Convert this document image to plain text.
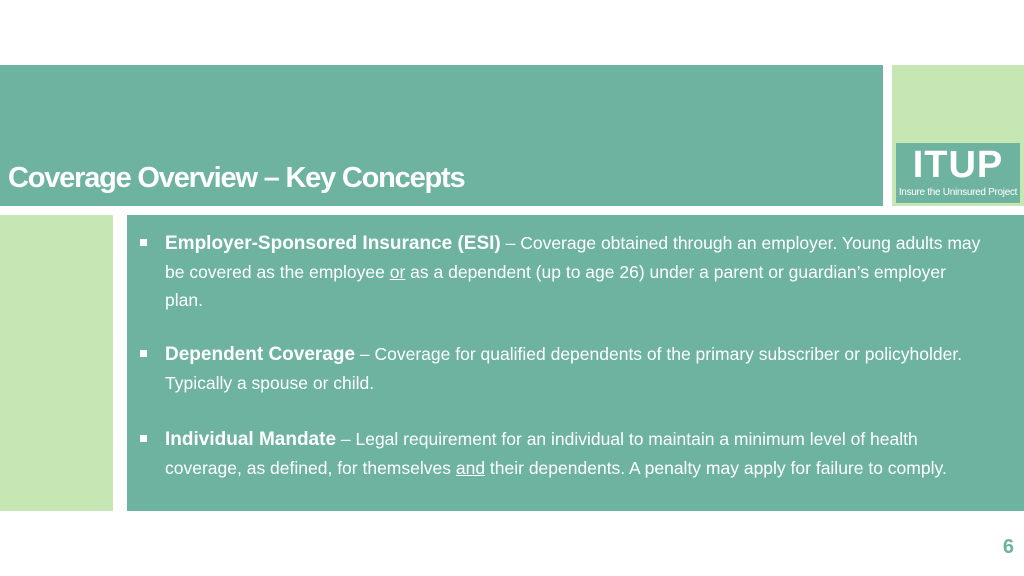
Coverage Overview – Key Concepts	ITUP
Insure the Uninsured Project
Employer-Sponsored Insurance (ESI) – Coverage obtained through an employer. Young adults may be covered as the employee or as a dependent (up to age 26) under a parent or guardian’s employer plan.
Dependent Coverage – Coverage for qualified dependents of the primary subscriber or policyholder. Typically a spouse or child.
Individual Mandate – Legal requirement for an individual to maintain a minimum level of health coverage, as defined, for themselves and their dependents. A penalty may apply for failure to comply.
6
